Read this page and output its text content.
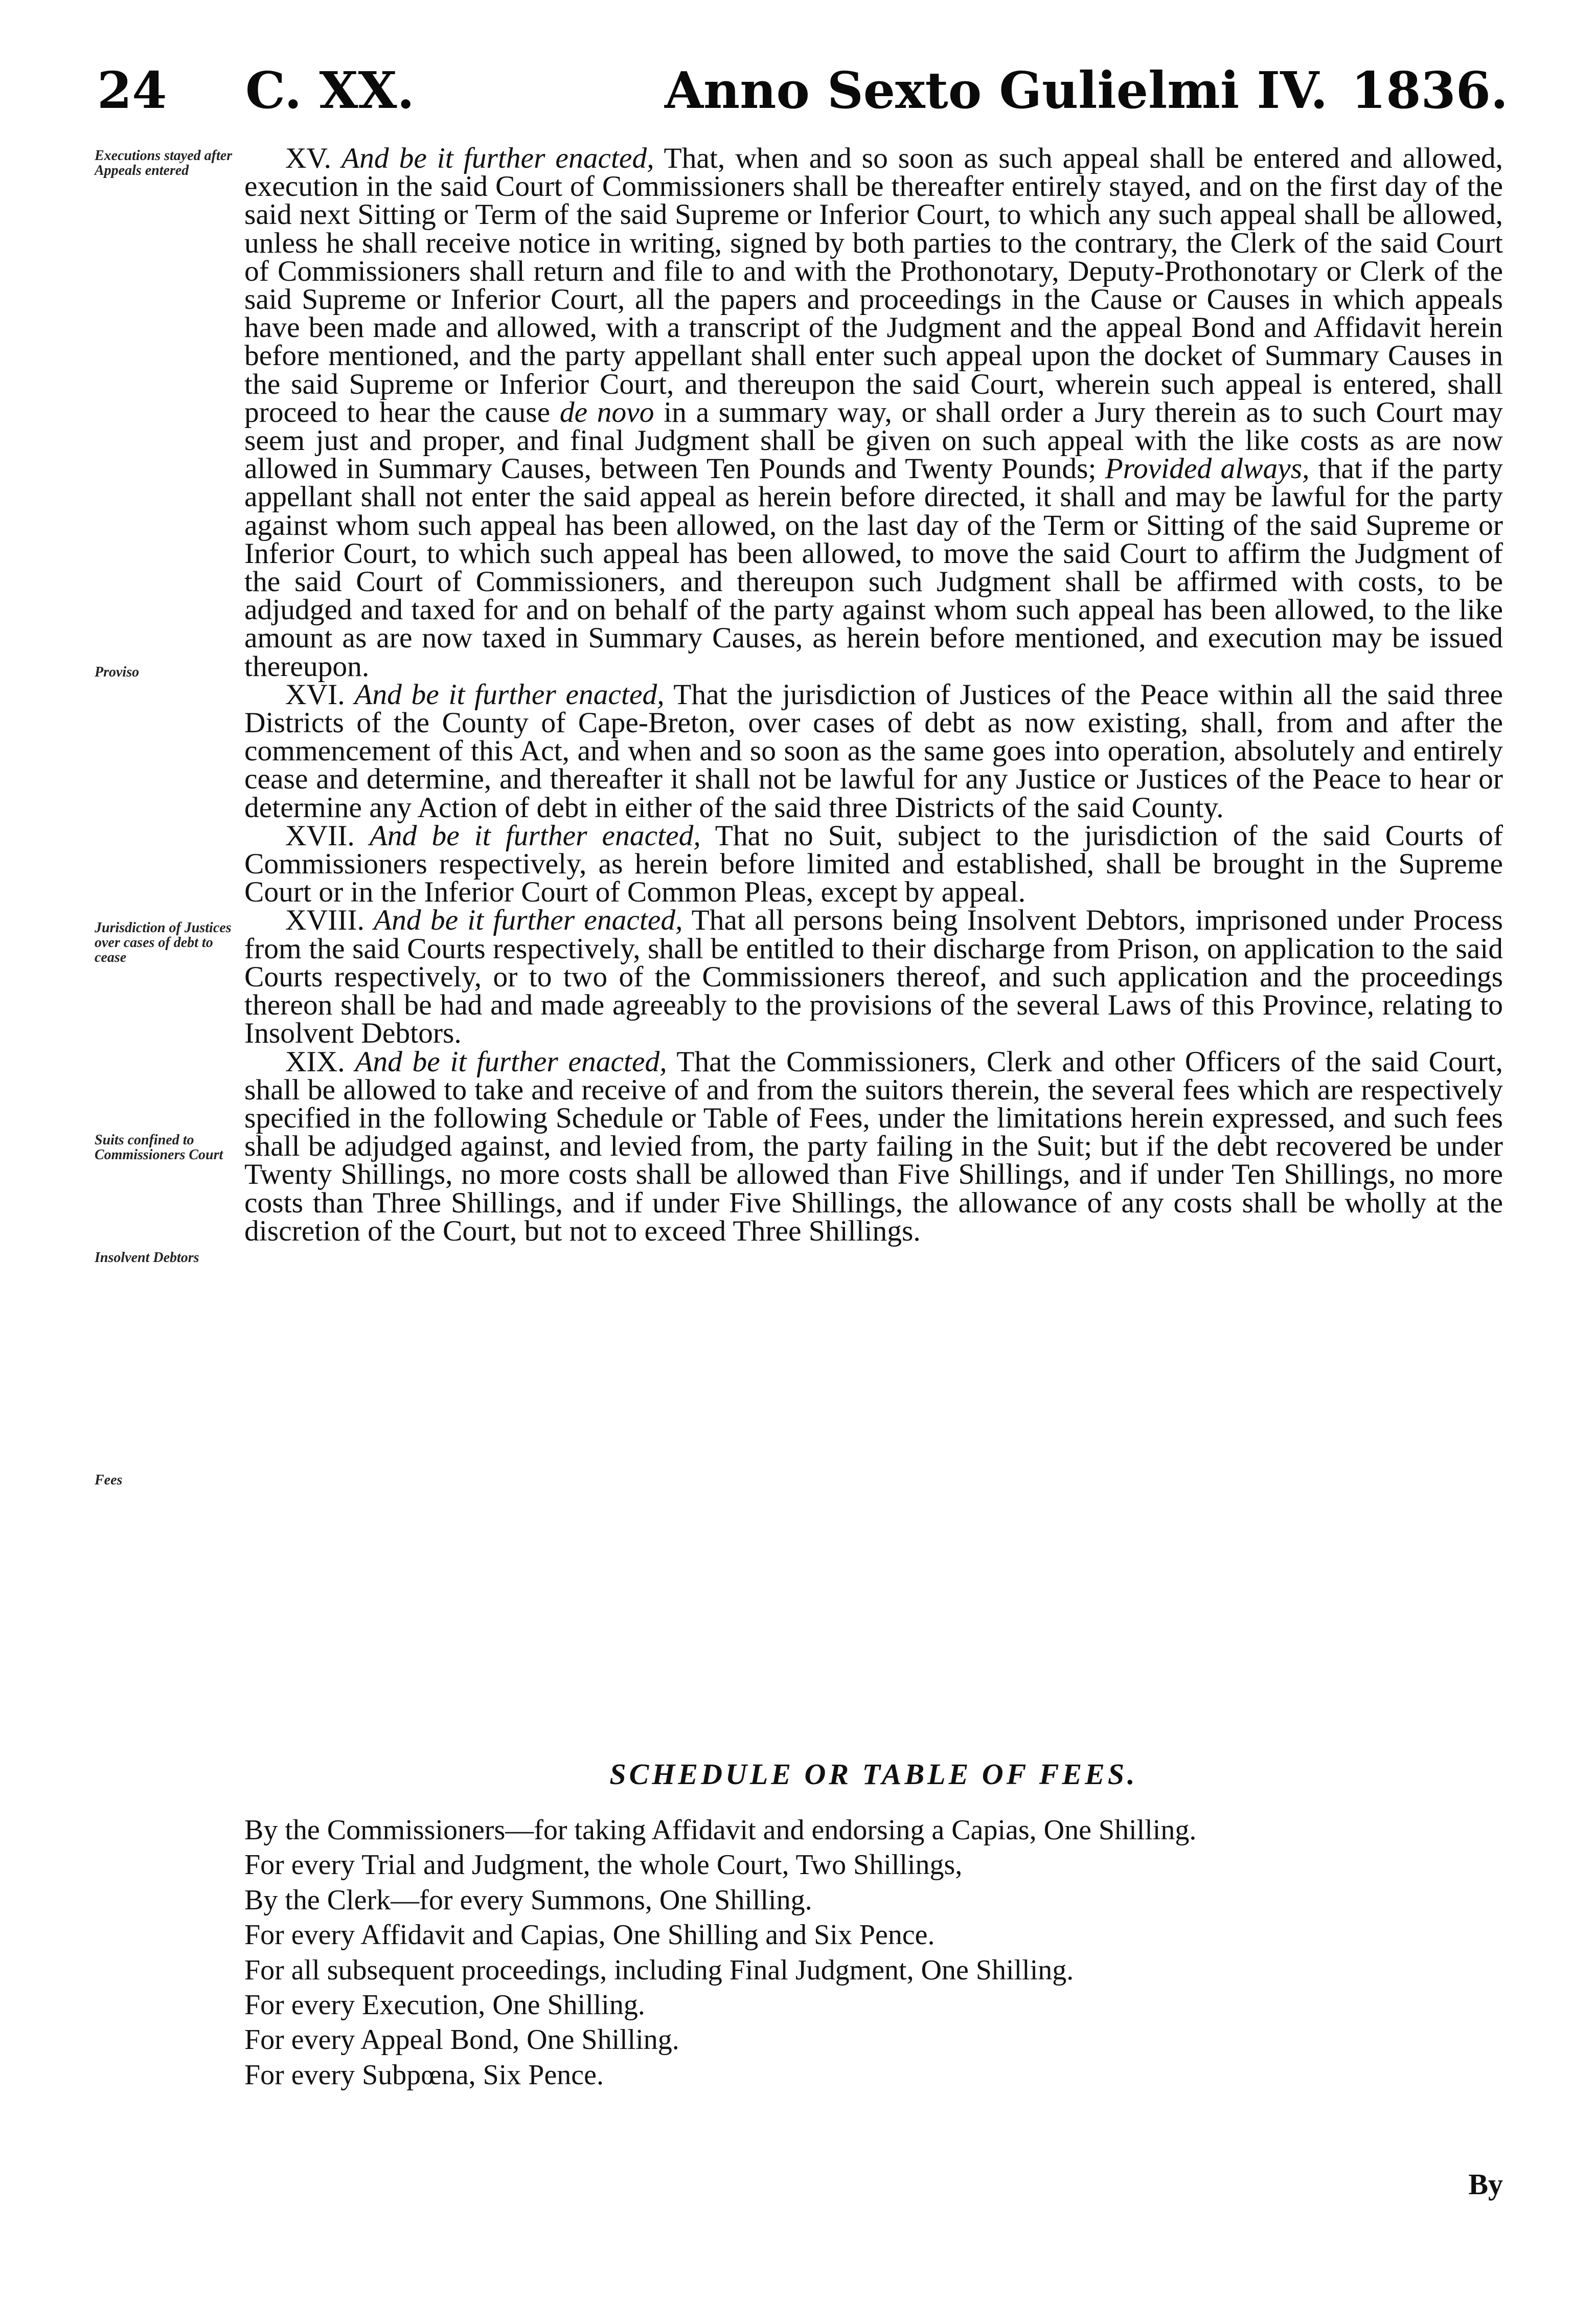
24 C. XX.	Anno Sexto Gulielmi IV. 1836.
Executions stayed after Appeals entered
Proviso
Jurisdiction of Justices over cases of debt to cease
Suits confined to Commissioners Court
Insolvent Debtors
Fees

XV. And be it further enacted, That, when and so soon as such appeal shall be entered and allowed, execution in the said Court of Commissioners shall be thereafter entirely stayed, and on the first day of the said next Sitting or Term of the said Supreme or Inferior Court, to which any such appeal shall be allowed, unless he shall receive notice in writing, signed by both parties to the contrary, the Clerk of the said Court of Commissioners shall return and file to and with the Prothonotary, Deputy-Prothonotary or Clerk of the said Supreme or Inferior Court, all the papers and proceedings in the Cause or Causes in which appeals have been made and allowed, with a transcript of the Judgment and the appeal Bond and Affidavit herein before mentioned, and the party appellant shall enter such appeal upon the docket of Summary Causes in the said Supreme or Inferior Court, and thereupon the said Court, wherein such appeal is entered, shall proceed to hear the cause de novo in a summary way, or shall order a Jury therein as to such Court may seem just and proper, and final Judgment shall be given on such appeal with the like costs as are now allowed in Summary Causes, between Ten Pounds and Twenty Pounds; Provided always, that if the party appellant shall not enter the said appeal as herein before directed, it shall and may be lawful for the party against whom such appeal has been allowed, on the last day of the Term or Sitting of the said Supreme or Inferior Court, to which such appeal has been allowed, to move the said Court to affirm the Judgment of the said Court of Commissioners, and thereupon such Judgment shall be affirmed with costs, to be adjudged and taxed for and on behalf of the party against whom such appeal has been allowed, to the like amount as are now taxed in Summary Causes, as herein before mentioned, and execution may be issued thereupon.

XVI. And be it further enacted, That the jurisdiction of Justices of the Peace within all the said three Districts of the County of Cape-Breton, over cases of debt as now existing, shall, from and after the commencement of this Act, and when and so soon as the same goes into operation, absolutely and entirely cease and determine, and thereafter it shall not be lawful for any Justice or Justices of the Peace to hear or determine any Action of debt in either of the said three Districts of the said County.

XVII. And be it further enacted, That no Suit, subject to the jurisdiction of the said Courts of Commissioners respectively, as herein before limited and established, shall be brought in the Supreme Court or in the Inferior Court of Common Pleas, except by appeal.

XVIII. And be it further enacted, That all persons being Insolvent Debtors, imprisoned under Process from the said Courts respectively, shall be entitled to their discharge from Prison, on application to the said Courts respectively, or to two of the Commissioners thereof, and such application and the proceedings thereon shall be had and made agreeably to the provisions of the several Laws of this Province, relating to Insolvent Debtors.

XIX. And be it further enacted, That the Commissioners, Clerk and other Officers of the said Court, shall be allowed to take and receive of and from the suitors therein, the several fees which are respectively specified in the following Schedule or Table of Fees, under the limitations herein expressed, and such fees shall be adjudged against, and levied from, the party failing in the Suit; but if the debt recovered be under Twenty Shillings, no more costs shall be allowed than Five Shillings, and if under Ten Shillings, no more costs than Three Shillings, and if under Five Shillings, the allowance of any costs shall be wholly at the discretion of the Court, but not to exceed Three Shillings.

SCHEDULE OR TABLE OF FEES.
By the Commissioners—for taking Affidavit and endorsing a Capias, One Shilling.
For every Trial and Judgment, the whole Court, Two Shillings,
By the Clerk—for every Summons, One Shilling.
For every Affidavit and Capias, One Shilling and Six Pence.
For all subsequent proceedings, including Final Judgment, One Shilling.
For every Execution, One Shilling.
For every Appeal Bond, One Shilling.
For every Subpœna, Six Pence.
By
